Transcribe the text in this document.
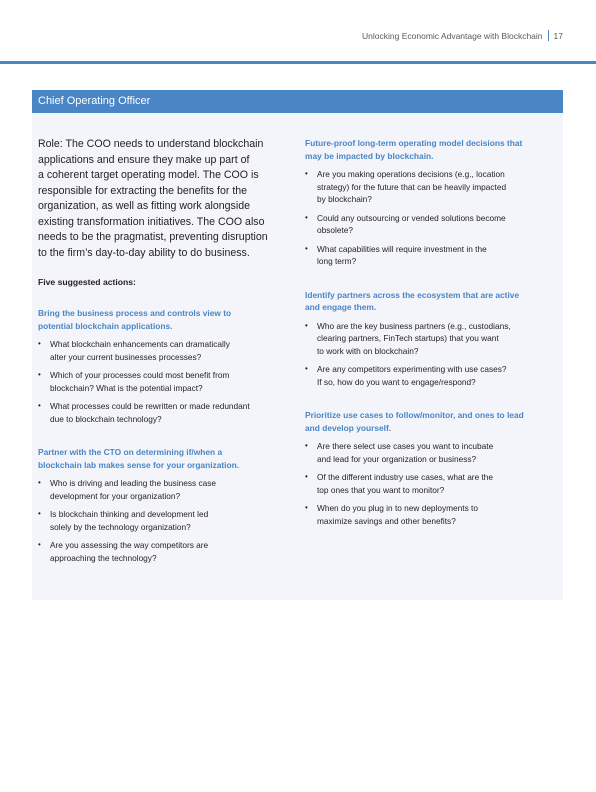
Unlocking Economic Advantage with Blockchain 17
Chief Operating Officer
Role: The COO needs to understand blockchain
applications and ensure they make up part of
a coherent target operating model. The COO is
responsible for extracting the benefits for the
organization, as well as fitting work alongside
existing transformation initiatives. The COO also
needs to be the pragmatist, preventing disruption
to the firm’s day-to-day ability to do business.
Five suggested actions:
Bring the business process and controls view to
potential blockchain applications.
• What blockchain enhancements can dramatically
alter your current businesses processes?
• Which of your processes could most benefit from
blockchain? What is the potential impact?
• What processes could be rewritten or made redundant
due to blockchain technology?
Partner with the CTO on determining if/when a
blockchain lab makes sense for your organization.
• Who is driving and leading the business case
development for your organization?
• Is blockchain thinking and development led
solely by the technology organization?
• Are you assessing the way competitors are
approaching the technology?
Future-proof long-term operating model decisions that
may be impacted by blockchain.
• Are you making operations decisions (e.g., location
strategy) for the future that can be heavily impacted
by blockchain?
• Could any outsourcing or vended solutions become
obsolete?
• What capabilities will require investment in the
long term?
Identify partners across the ecosystem that are active
and engage them.
• Who are the key business partners (e.g., custodians,
clearing partners, FinTech startups) that you want
to work with on blockchain?
• Are any competitors experimenting with use cases?
If so, how do you want to engage/respond?
Prioritize use cases to follow/monitor, and ones to lead
and develop yourself.
• Are there select use cases you want to incubate
and lead for your organization or business?
• Of the different industry use cases, what are the
top ones that you want to monitor?
• When do you plug in to new deployments to
maximize savings and other benefits?
